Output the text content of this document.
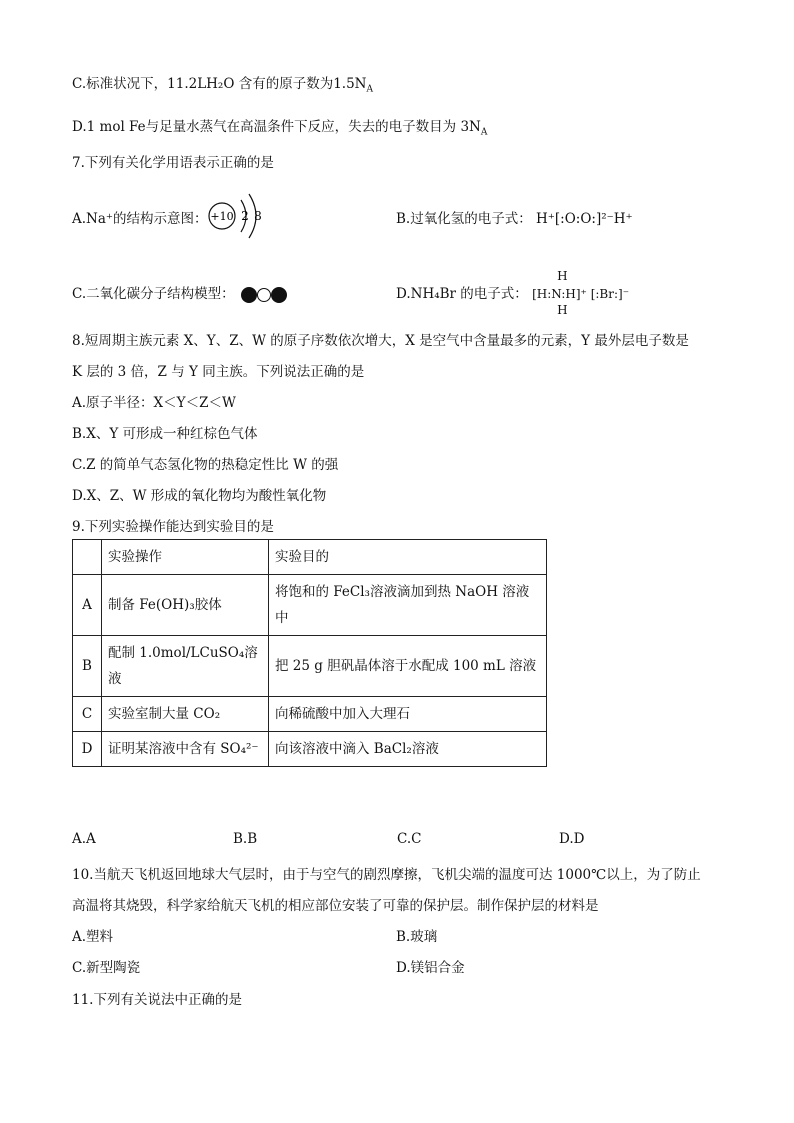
C.标准状况下，11.2LH₂O 含有的原子数为$1.5N_A$
D.1 mol Fe与足量水蒸气在高温条件下反应，失去的电子数目为 $3N_A$
7.下列有关化学用语表示正确的是
A.Na⁺的结构示意图： +10 2 8	B.过氧化氢的电子式： H⁺[:O:O:]²⁻H⁺
C.二氧化碳分子结构模型：	D.NH₄Br 的电子式：
H
[H:N:H]⁺ [:Br:]⁻
H
8.短周期主族元素 X、Y、Z、W 的原子序数依次增大，X 是空气中含量最多的元素，Y 最外层电子数是
K 层的 3 倍，Z 与 Y 同主族。下列说法正确的是
A.原子半径：X＜Y＜Z＜W
B.X、Y 可形成一种红棕色气体
C.Z 的简单气态氢化物的热稳定性比 W 的强
D.X、Z、W 形成的氧化物均为酸性氧化物
9.下列实验操作能达到实验目的是
	实验操作	实验目的
A	制备 Fe(OH)₃胶体	将饱和的 FeCl₃溶液滴加到热 NaOH 溶液中
B	配制 1.0mol/LCuSO₄溶液	把 25 g 胆矾晶体溶于水配成 100 mL 溶液
C	实验室制大量 CO₂	向稀硫酸中加入大理石
D	证明某溶液中含有 SO₄²⁻	向该溶液中滴入 BaCl₂溶液
A.A	B.B	C.C	D.D
10.当航天飞机返回地球大气层时，由于与空气的剧烈摩擦，飞机尖端的温度可达 1000℃以上，为了防止
高温将其烧毁，科学家给航天飞机的相应部位安装了可靠的保护层。制作保护层的材料是
A.塑料	B.玻璃
C.新型陶瓷	D.镁铝合金
11.下列有关说法中正确的是
